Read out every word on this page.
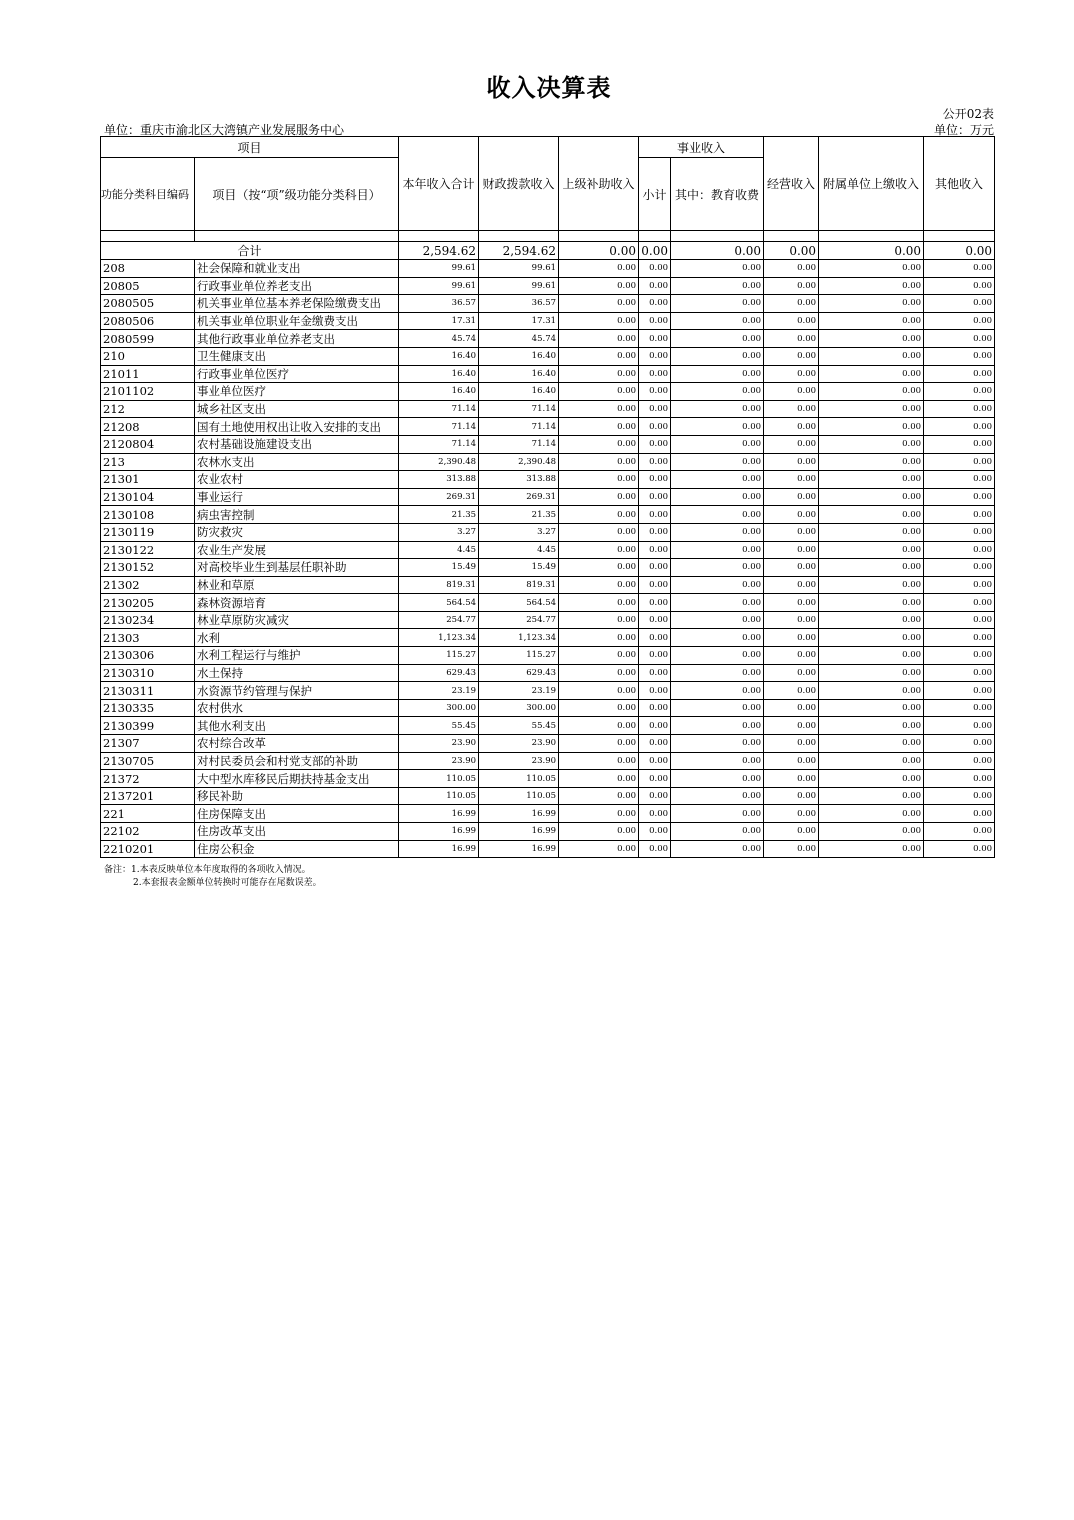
收入决算表
公开02表
单位：重庆市渝北区大湾镇产业发展服务中心	单位：万元
项目		本年收入合计	财政拨款收入	上级补助收入	事业收入		经营收入	附属单位上缴收入	其他收入
功能分类科目编码	项目（按“项”级功能分类科目）				小计	其中：教育收费			

合计		2,594.62	2,594.62	0.00	0.00	0.00	0.00	0.00	0.00
208	社会保障和就业支出	99.61	99.61	0.00	0.00	0.00	0.00	0.00	0.00
20805	行政事业单位养老支出	99.61	99.61	0.00	0.00	0.00	0.00	0.00	0.00
2080505	机关事业单位基本养老保险缴费支出	36.57	36.57	0.00	0.00	0.00	0.00	0.00	0.00
2080506	机关事业单位职业年金缴费支出	17.31	17.31	0.00	0.00	0.00	0.00	0.00	0.00
2080599	其他行政事业单位养老支出	45.74	45.74	0.00	0.00	0.00	0.00	0.00	0.00
210	卫生健康支出	16.40	16.40	0.00	0.00	0.00	0.00	0.00	0.00
21011	行政事业单位医疗	16.40	16.40	0.00	0.00	0.00	0.00	0.00	0.00
2101102	事业单位医疗	16.40	16.40	0.00	0.00	0.00	0.00	0.00	0.00
212	城乡社区支出	71.14	71.14	0.00	0.00	0.00	0.00	0.00	0.00
21208	国有土地使用权出让收入安排的支出	71.14	71.14	0.00	0.00	0.00	0.00	0.00	0.00
2120804	农村基础设施建设支出	71.14	71.14	0.00	0.00	0.00	0.00	0.00	0.00
213	农林水支出	2,390.48	2,390.48	0.00	0.00	0.00	0.00	0.00	0.00
21301	农业农村	313.88	313.88	0.00	0.00	0.00	0.00	0.00	0.00
2130104	事业运行	269.31	269.31	0.00	0.00	0.00	0.00	0.00	0.00
2130108	病虫害控制	21.35	21.35	0.00	0.00	0.00	0.00	0.00	0.00
2130119	防灾救灾	3.27	3.27	0.00	0.00	0.00	0.00	0.00	0.00
2130122	农业生产发展	4.45	4.45	0.00	0.00	0.00	0.00	0.00	0.00
2130152	对高校毕业生到基层任职补助	15.49	15.49	0.00	0.00	0.00	0.00	0.00	0.00
21302	林业和草原	819.31	819.31	0.00	0.00	0.00	0.00	0.00	0.00
2130205	森林资源培育	564.54	564.54	0.00	0.00	0.00	0.00	0.00	0.00
2130234	林业草原防灾减灾	254.77	254.77	0.00	0.00	0.00	0.00	0.00	0.00
21303	水利	1,123.34	1,123.34	0.00	0.00	0.00	0.00	0.00	0.00
2130306	水利工程运行与维护	115.27	115.27	0.00	0.00	0.00	0.00	0.00	0.00
2130310	水土保持	629.43	629.43	0.00	0.00	0.00	0.00	0.00	0.00
2130311	水资源节约管理与保护	23.19	23.19	0.00	0.00	0.00	0.00	0.00	0.00
2130335	农村供水	300.00	300.00	0.00	0.00	0.00	0.00	0.00	0.00
2130399	其他水利支出	55.45	55.45	0.00	0.00	0.00	0.00	0.00	0.00
21307	农村综合改革	23.90	23.90	0.00	0.00	0.00	0.00	0.00	0.00
2130705	对村民委员会和村党支部的补助	23.90	23.90	0.00	0.00	0.00	0.00	0.00	0.00
21372	大中型水库移民后期扶持基金支出	110.05	110.05	0.00	0.00	0.00	0.00	0.00	0.00
2137201	移民补助	110.05	110.05	0.00	0.00	0.00	0.00	0.00	0.00
221	住房保障支出	16.99	16.99	0.00	0.00	0.00	0.00	0.00	0.00
22102	住房改革支出	16.99	16.99	0.00	0.00	0.00	0.00	0.00	0.00
2210201	住房公积金	16.99	16.99	0.00	0.00	0.00	0.00	0.00	0.00
备注：1.本表反映单位本年度取得的各项收入情况。
2.本套报表金额单位转换时可能存在尾数误差。
